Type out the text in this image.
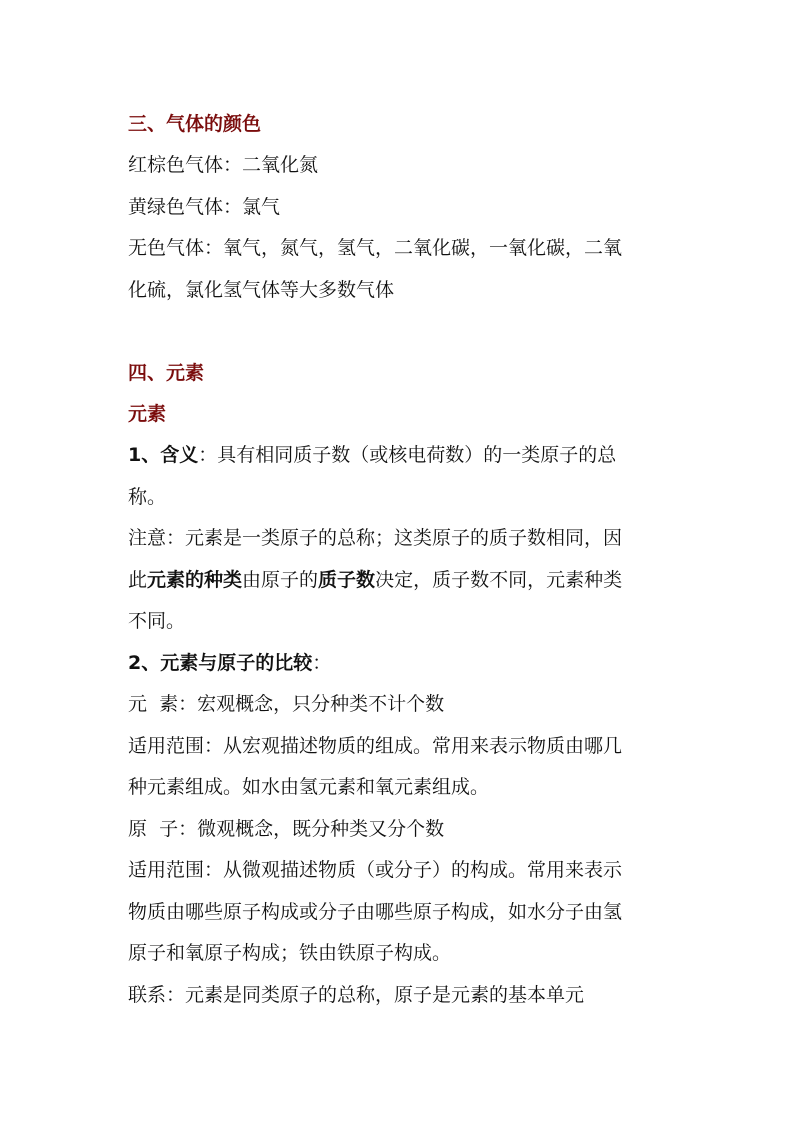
三、气体的颜色

红棕色气体：二氧化氮

黄绿色气体：氯气

无色气体：氧气，氮气，氢气，二氧化碳，一氧化碳，二氧

化硫，氯化氢气体等大多数气体

四、元素

元素

1、含义：具有相同质子数（或核电荷数）的一类原子的总

称。

注意：元素是一类原子的总称；这类原子的质子数相同，因

此元素的种类由原子的质子数决定，质子数不同，元素种类

不同。

2、元素与原子的比较：

元  素：宏观概念，只分种类不计个数

适用范围：从宏观描述物质的组成。常用来表示物质由哪几

种元素组成。如水由氢元素和氧元素组成。

原  子：微观概念，既分种类又分个数

适用范围：从微观描述物质（或分子）的构成。常用来表示

物质由哪些原子构成或分子由哪些原子构成，如水分子由氢

原子和氧原子构成；铁由铁原子构成。

联系：元素是同类原子的总称，原子是元素的基本单元
